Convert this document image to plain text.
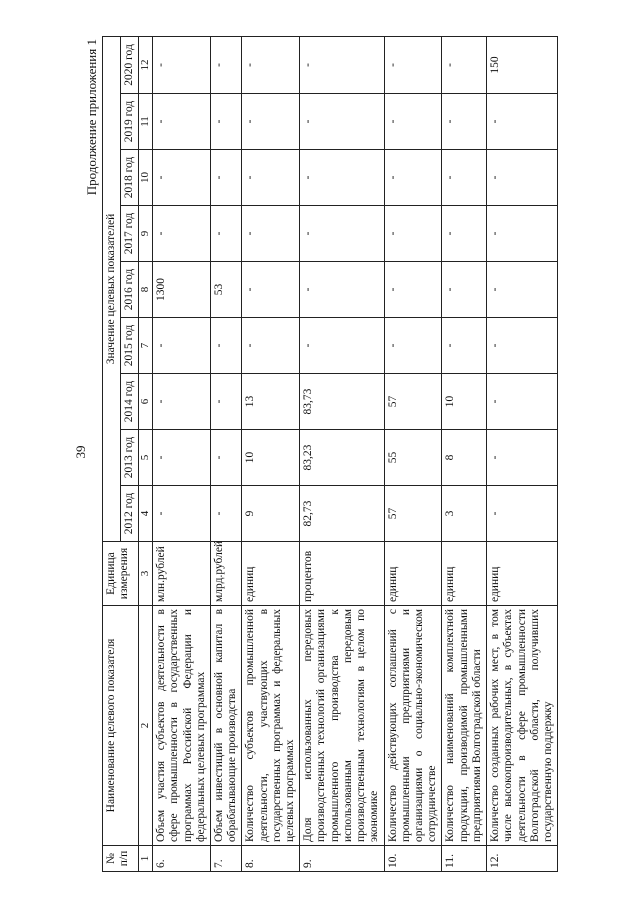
39
Продолжение приложения 1
№ п/п	Наименование целевого показателя	Единица измерения	Значение целевых показателей								
			2012 год	2013 год	2014 год	2015 год	2016 год	2017 год	2018 год	2019 год	2020 год
1	2	3	4	5	6	7	8	9	10	11	12
6.	Объем участия субъектов деятельности в сфере промышленности в государственных программах Российской Федерации и федеральных целевых программах	млн.рублей	-	-	-	-	1300	-	-	-	-
7.	Объем инвестиций в основной капитал в обрабатывающие производства	млрд.рублей	-	-	-	-	53	-	-	-	-
8.	Количество субъектов промышленной деятельности, участвующих в государственных программах и федеральных целевых программах	единиц	9	10	13	-	-	-	-	-	-
9.	Доля использованных передовых производственных технологий организациями промышленного производства к использованным передовым производственным технологиям в целом по экономике	процентов	82,73	83,23	83,73	-	-	-	-	-	-
10.	Количество действующих соглашений с промышленными предприятиями и организациями о социально-экономическом сотрудничестве	единиц	57	55	57	-	-	-	-	-	-
11.	Количество наименований комплектной продукции, производимой промышленными предприятиями Волгоградской области	единиц	3	8	10	-	-	-	-	-	-
12.	Количество созданных рабочих мест, в том числе высокопроизводительных, в субъектах деятельности в сфере промышленности Волгоградской области, получивших государственную поддержку	единиц	-	-	-	-	-	-	-	-	150
